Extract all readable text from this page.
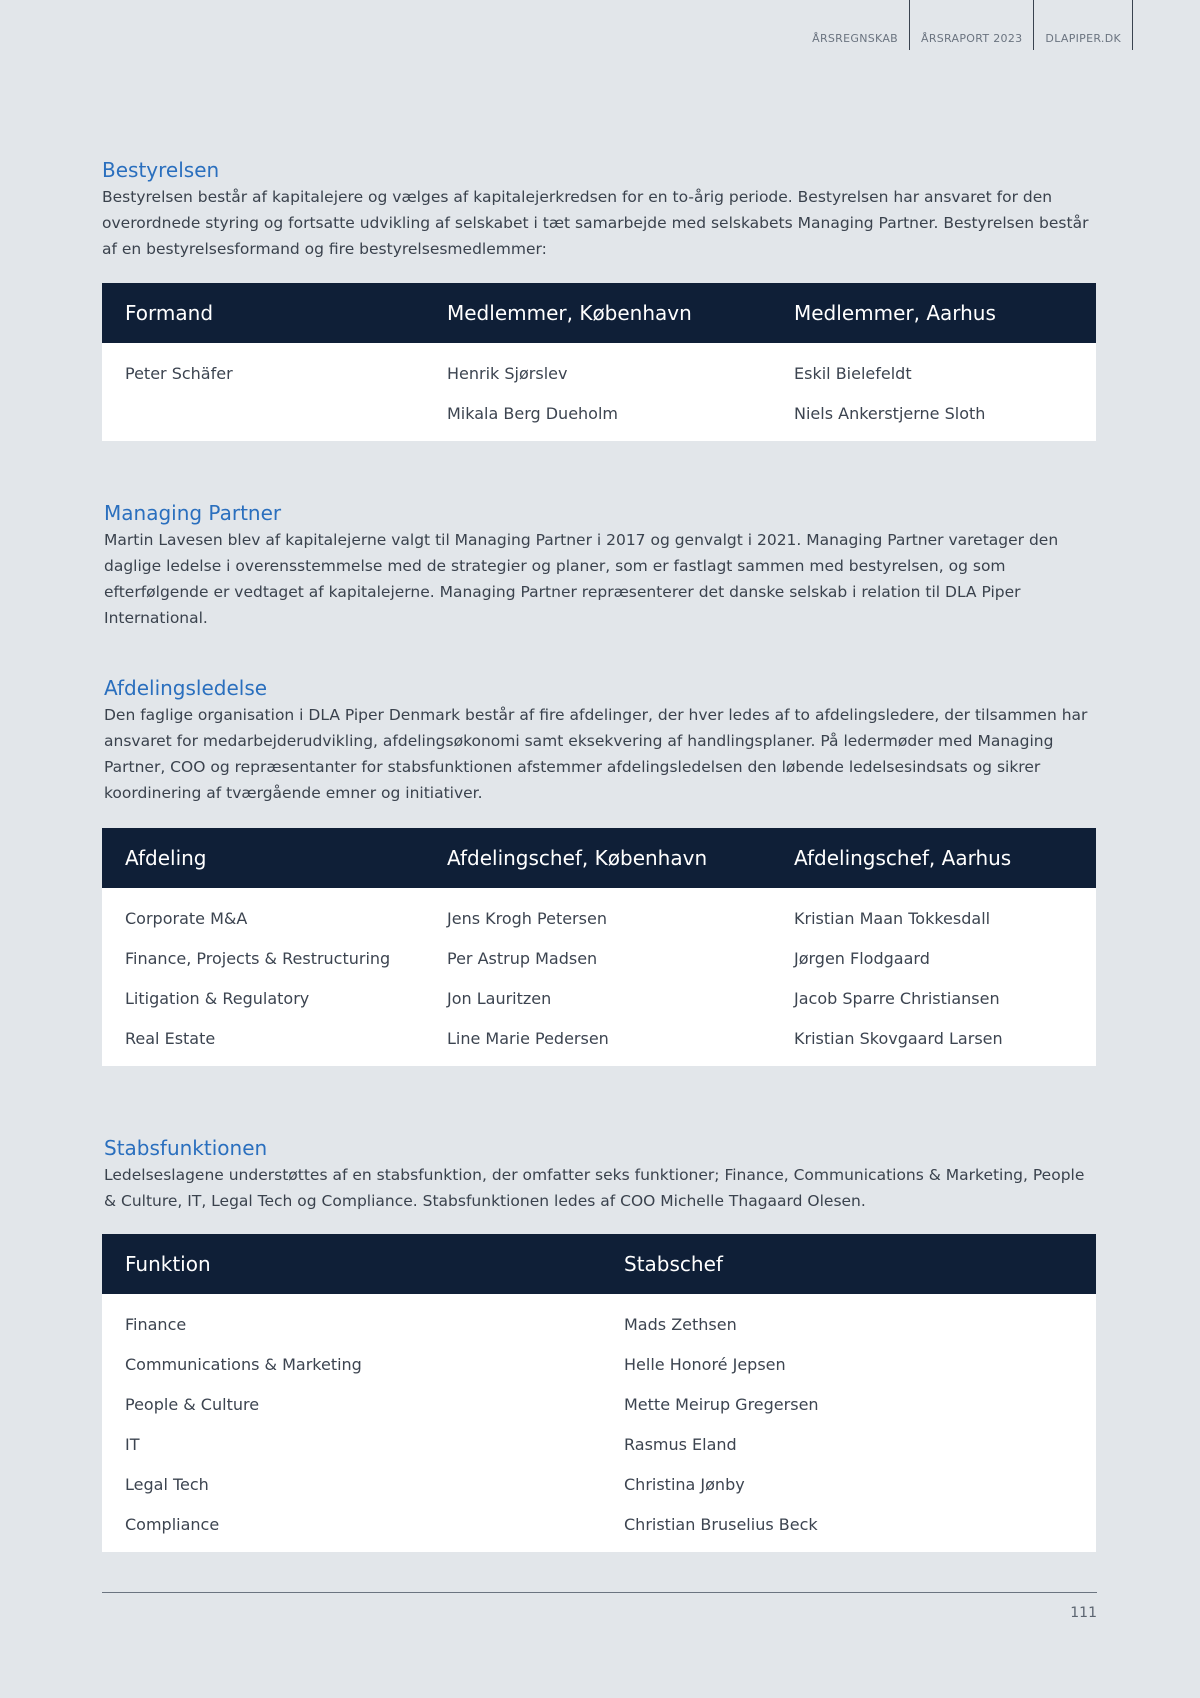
ÅRSREGNSKAB	ÅRSRAPORT 2023	DLAPIPER.DK
Bestyrelsen

Bestyrelsen består af kapitalejere og vælges af kapitalejerkredsen for en to-årig periode. Bestyrelsen har ansvaret for den overordnede styring og fortsatte udvikling af selskabet i tæt samarbejde med selskabets Managing Partner. Bestyrelsen består af en bestyrelsesformand og fire bestyrelsesmedlemmer:

Formand	Medlemmer, København	Medlemmer, Aarhus
Peter Schäfer	Henrik Sjørslev	Eskil Bielefeldt
	Mikala Berg Dueholm	Niels Ankerstjerne Sloth
Managing Partner

Martin Lavesen blev af kapitalejerne valgt til Managing Partner i 2017 og genvalgt i 2021. Managing Partner varetager den daglige ledelse i overensstemmelse med de strategier og planer, som er fastlagt sammen med bestyrelsen, og som efterfølgende er vedtaget af kapitalejerne. Managing Partner repræsenterer det danske selskab i relation til DLA Piper International.

Afdelingsledelse

Den faglige organisation i DLA Piper Denmark består af fire afdelinger, der hver ledes af to afdelingsledere, der tilsammen har ansvaret for medarbejderudvikling, afdelingsøkonomi samt eksekvering af handlingsplaner. På ledermøder med Managing Partner, COO og repræsentanter for stabsfunktionen afstemmer afdelingsledelsen den løbende ledelsesindsats og sikrer koordinering af tværgående emner og initiativer.

Afdeling	Afdelingschef, København	Afdelingschef, Aarhus
Corporate M&A	Jens Krogh Petersen	Kristian Maan Tokkesdall
Finance, Projects & Restructuring	Per Astrup Madsen	Jørgen Flodgaard
Litigation & Regulatory	Jon Lauritzen	Jacob Sparre Christiansen
Real Estate	Line Marie Pedersen	Kristian Skovgaard Larsen
Stabsfunktionen

Ledelseslagene understøttes af en stabsfunktion, der omfatter seks funktioner; Finance, Communications & Marketing, People & Culture, IT, Legal Tech og Compliance. Stabsfunktionen ledes af COO Michelle Thagaard Olesen.

Funktion	Stabschef
Finance	Mads Zethsen
Communications & Marketing	Helle Honoré Jepsen
People & Culture	Mette Meirup Gregersen
IT	Rasmus Eland
Legal Tech	Christina Jønby
Compliance	Christian Bruselius Beck
111
